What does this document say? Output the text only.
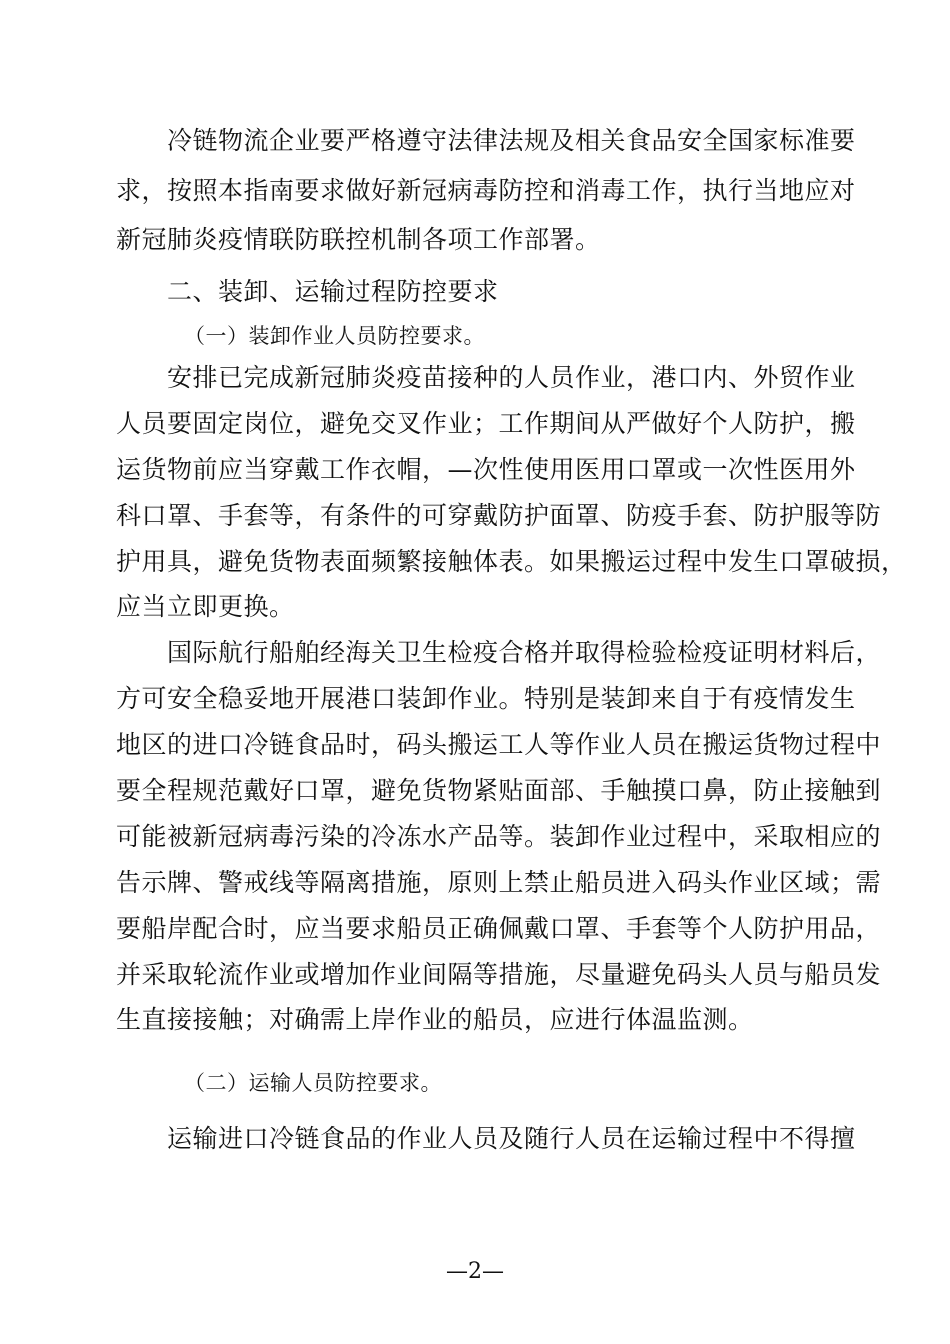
冷链物流企业要严格遵守法律法规及相关食品安全国家标准要
求，按照本指南要求做好新冠病毒防控和消毒工作，执行当地应对
新冠肺炎疫情联防联控机制各项工作部署。
二、装卸、运输过程防控要求
（一）装卸作业人员防控要求。
安排已完成新冠肺炎疫苗接种的人员作业，港口内、外贸作业
人员要固定岗位，避免交叉作业；工作期间从严做好个人防护，搬
运货物前应当穿戴工作衣帽，—次性使用医用口罩或一次性医用外
科口罩、手套等，有条件的可穿戴防护面罩、防疫手套、防护服等防
护用具，避免货物表面频繁接触体表。如果搬运过程中发生口罩破损，
应当立即更换。
国际航行船舶经海关卫生检疫合格并取得检验检疫证明材料后，
方可安全稳妥地开展港口装卸作业。特别是装卸来自于有疫情发生
地区的进口冷链食品时，码头搬运工人等作业人员在搬运货物过程中
要全程规范戴好口罩，避免货物紧贴面部、手触摸口鼻，防止接触到
可能被新冠病毒污染的冷冻水产品等。装卸作业过程中，采取相应的
告示牌、警戒线等隔离措施，原则上禁止船员进入码头作业区域；需
要船岸配合时，应当要求船员正确佩戴口罩、手套等个人防护用品，
并采取轮流作业或增加作业间隔等措施，尽量避免码头人员与船员发
生直接接触；对确需上岸作业的船员，应进行体温监测。
（二）运输人员防控要求。
运输进口冷链食品的作业人员及随行人员在运输过程中不得擅
—2—
